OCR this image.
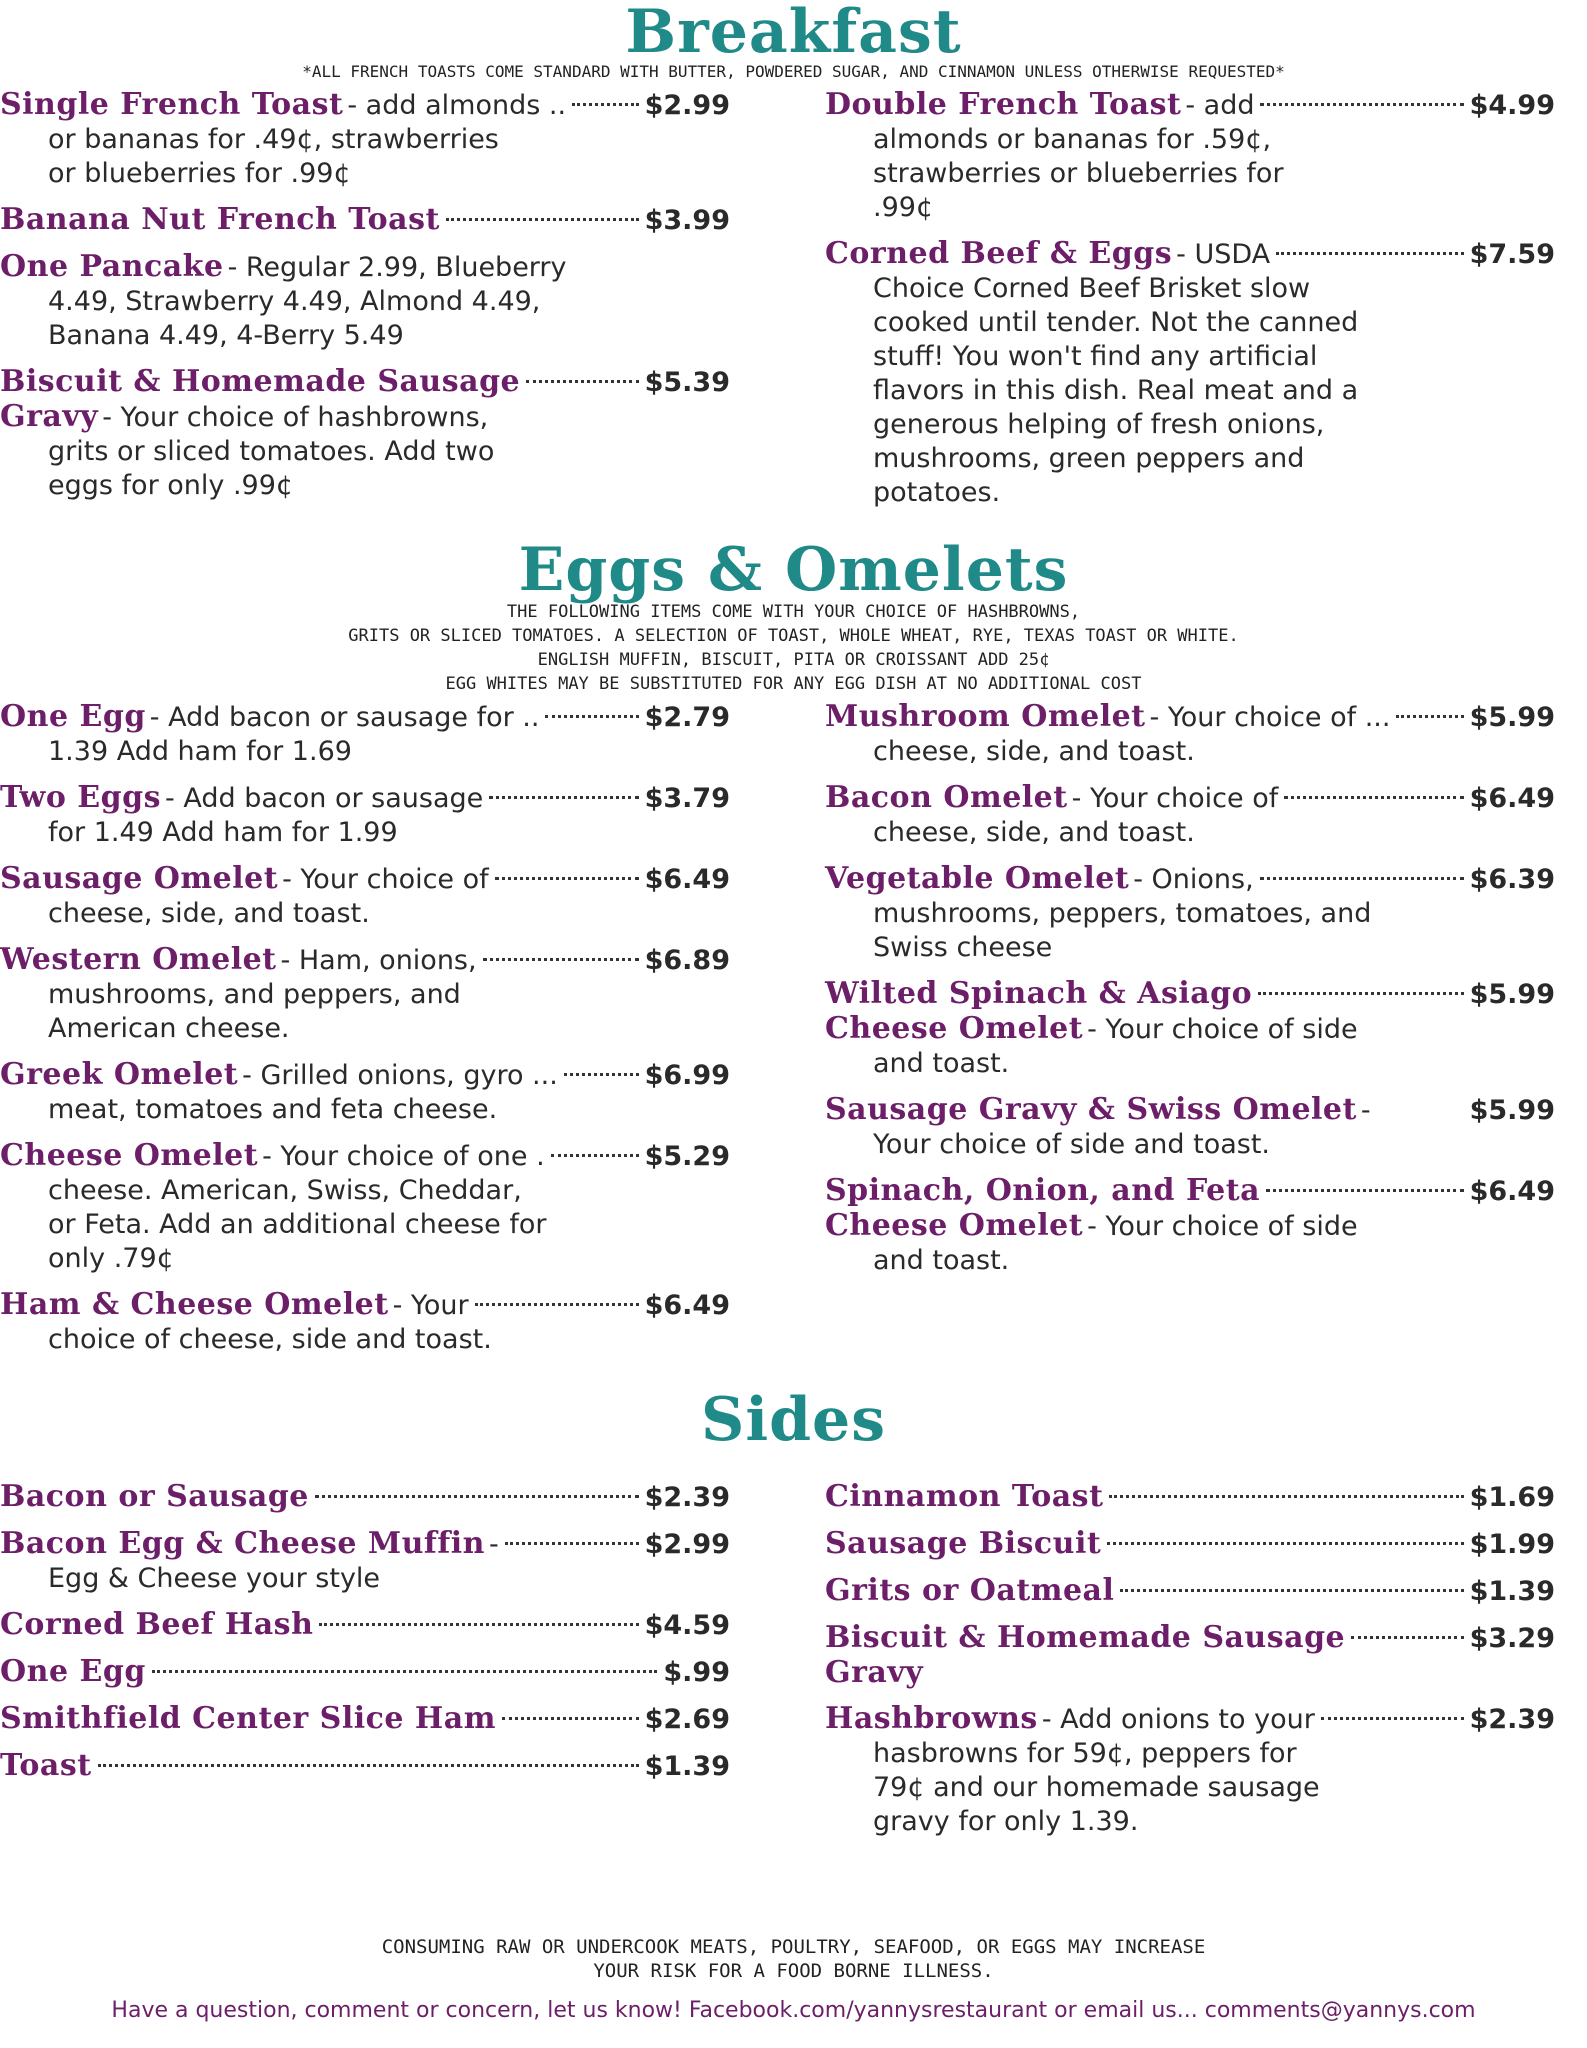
Breakfast
*ALL FRENCH TOASTS COME STANDARD WITH BUTTER, POWDERED SUGAR, AND CINNAMON UNLESS OTHERWISE REQUESTED*
Single French Toast - add almonds ..	$2.99
or bananas for .49¢, strawberries
or blueberries for .99¢
Banana Nut French Toast	$3.99
One Pancake - Regular 2.99, Blueberry
4.49, Strawberry 4.49, Almond 4.49,
Banana 4.49, 4-Berry 5.49
Biscuit & Homemade Sausage	$5.39
Gravy - Your choice of hashbrowns,
grits or sliced tomatoes. Add two
eggs for only .99¢
Double French Toast - add	$4.99
almonds or bananas for .59¢,
strawberries or blueberries for
.99¢
Corned Beef & Eggs - USDA	$7.59
Choice Corned Beef Brisket slow
cooked until tender. Not the canned
stuff! You won't find any artificial
flavors in this dish. Real meat and a
generous helping of fresh onions,
mushrooms, green peppers and
potatoes.
Eggs & Omelets
THE FOLLOWING ITEMS COME WITH YOUR CHOICE OF HASHBROWNS,
GRITS OR SLICED TOMATOES. A SELECTION OF TOAST, WHOLE WHEAT, RYE, TEXAS TOAST OR WHITE.
ENGLISH MUFFIN, BISCUIT, PITA OR CROISSANT ADD 25¢
EGG WHITES MAY BE SUBSTITUTED FOR ANY EGG DISH AT NO ADDITIONAL COST
One Egg - Add bacon or sausage for ..	$2.79
1.39 Add ham for 1.69
Two Eggs - Add bacon or sausage	$3.79
for 1.49 Add ham for 1.99
Sausage Omelet - Your choice of	$6.49
cheese, side, and toast.
Western Omelet - Ham, onions,	$6.89
mushrooms, and peppers, and
American cheese.
Greek Omelet - Grilled onions, gyro ...	$6.99
meat, tomatoes and feta cheese.
Cheese Omelet - Your choice of one .	$5.29
cheese. American, Swiss, Cheddar,
or Feta. Add an additional cheese for
only .79¢
Ham & Cheese Omelet - Your	$6.49
choice of cheese, side and toast.
Mushroom Omelet - Your choice of ...	$5.99
cheese, side, and toast.
Bacon Omelet - Your choice of	$6.49
cheese, side, and toast.
Vegetable Omelet - Onions,	$6.39
mushrooms, peppers, tomatoes, and
Swiss cheese
Wilted Spinach & Asiago	$5.99
Cheese Omelet - Your choice of side
and toast.
Sausage Gravy & Swiss Omelet -	$5.99
Your choice of side and toast.
Spinach, Onion, and Feta	$6.49
Cheese Omelet - Your choice of side
and toast.
Sides
Bacon or Sausage	$2.39
Bacon Egg & Cheese Muffin -	$2.99
Egg & Cheese your style
Corned Beef Hash	$4.59
One Egg	$.99
Smithfield Center Slice Ham	$2.69
Toast	$1.39
Cinnamon Toast	$1.69
Sausage Biscuit	$1.99
Grits or Oatmeal	$1.39
Biscuit & Homemade Sausage	$3.29
Gravy
Hashbrowns - Add onions to your	$2.39
hasbrowns for 59¢, peppers for
79¢ and our homemade sausage
gravy for only 1.39.
CONSUMING RAW OR UNDERCOOK MEATS, POULTRY, SEAFOOD, OR EGGS MAY INCREASE
YOUR RISK FOR A FOOD BORNE ILLNESS.
Have a question, comment or concern, let us know! Facebook.com/yannysrestaurant or email us... comments@yannys.com
